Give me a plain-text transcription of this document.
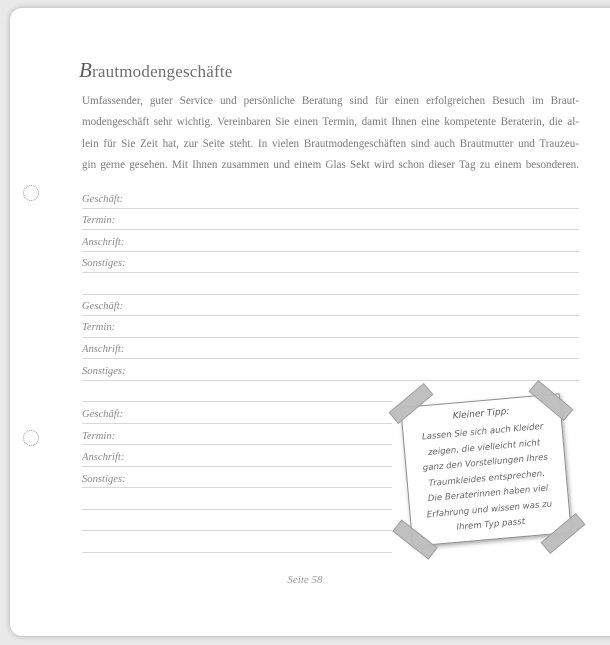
Brautmodengeschäfte
Umfassender, guter Service und persönliche Beratung sind für einen erfolgreichen Besuch im Braut-
modengeschäft sehr wichtig. Vereinbaren Sie einen Termin, damit Ihnen eine kompetente Beraterin, die al-
lein für Sie Zeit hat, zur Seite steht. In vielen Brautmodengeschäften sind auch Brautmutter und Trauzeu-
gin gerne gesehen. Mit Ihnen zusammen und einem Glas Sekt wird schon dieser Tag zu einem besonderen.
Geschäft:
Termin:
Anschrift:
Sonstiges:
Geschäft:
Termin:
Anschrift:
Sonstiges:
Geschäft:
Termin:
Anschrift:
Sonstiges:
Kleiner Tipp:
Lassen Sie sich auch Kleider
zeigen, die vielleicht nicht
ganz den Vorstellungen Ihres
Traumkleides entsprechen.
Die Beraterinnen haben viel
Erfahrung und wissen was zu
Ihrem Typ passt
Seite 58
